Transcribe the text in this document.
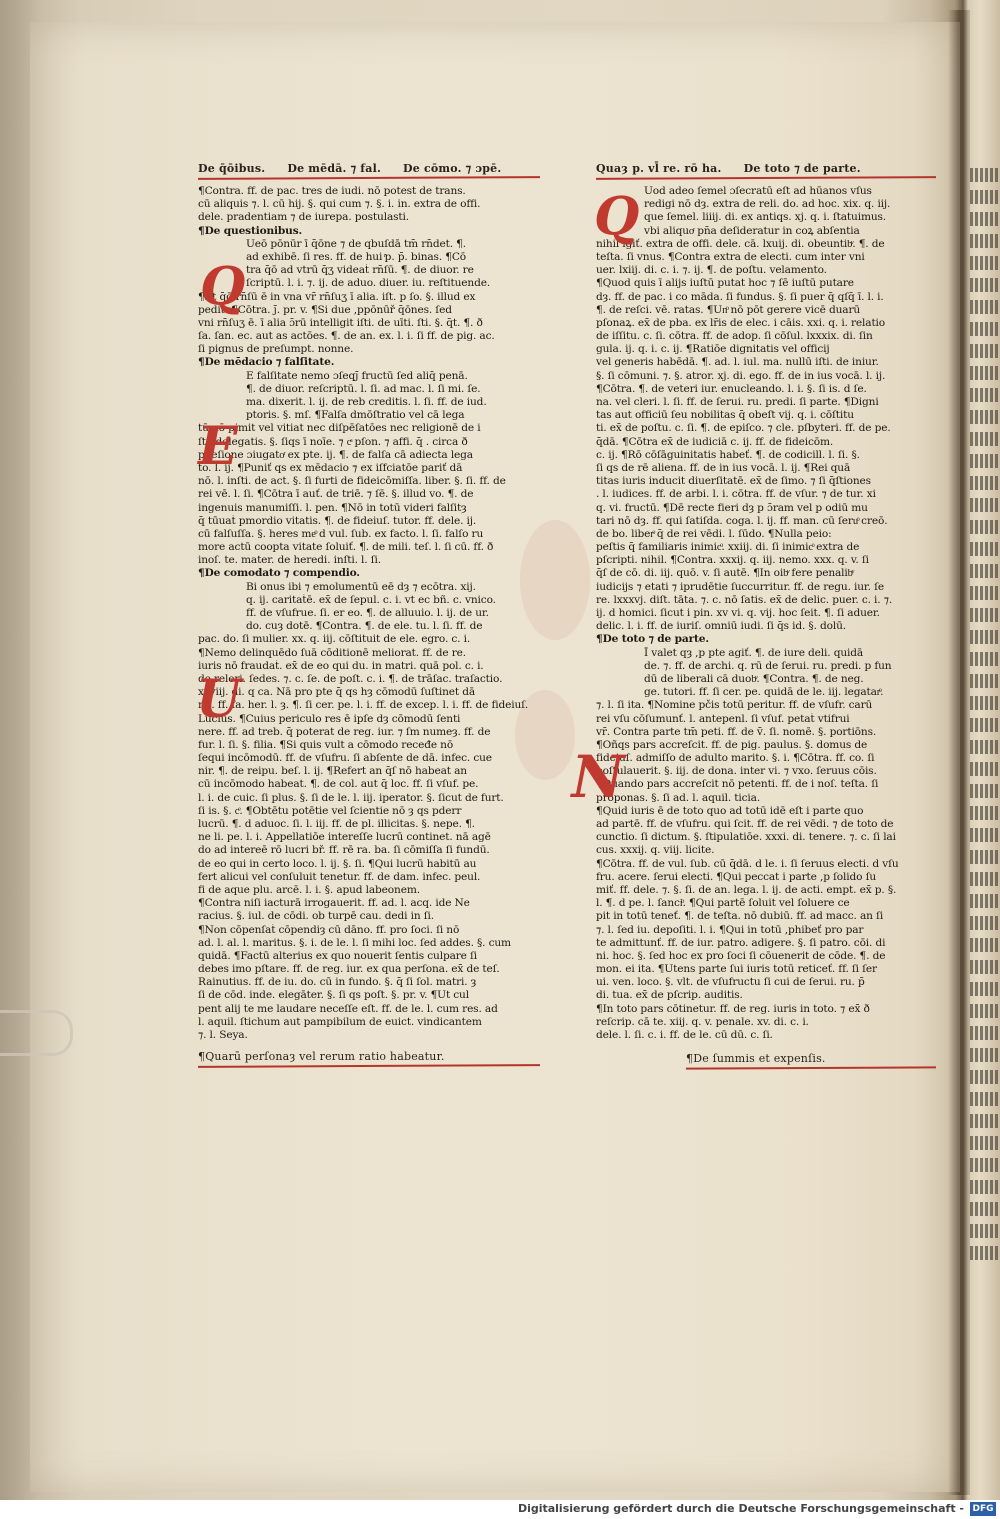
De q̄ōibus. De mēdā. ⁊ fal. De cōmo. ⁊ ɔpē.
¶Contra. ff. de pac. tres de iudi. nō potest de trans.
cū aliquis ⁊. l. cū hij. §. qui cum ⁊. §. i. i̇n. extra de offi.
dele. pradentiam ⁊ de iurepa. postulasti.
¶De questionibus.
Ueō pōnūr ī q̄ōne ⁊ de qbuſdā tm̄ rn̄det. ¶.
ad exhibē. ſi res. ff. de hui ͬp. p̄. binas. ¶Cō
tra q̄ō ad vtrū q̄ʒ videaṫ rn̄ſū. ¶. de diuor. re
ſcriptū. l. i. ⁊. ij. de aduo. diuer. iu. reſtituende.
¶Et q̄ō rn̄ſū ē in vna vr̄ rn̄ſuʒ ī alia. iſt. p ſo. §. illud ex
pedit. ¶Cōtra. ȷ̄. pr. v. ¶Si due ,ppōnūř q̄ōnes. ſed
vni rn̄ſuʒ ē. ī alia ɔ̄rū intelligit iſti. de uīti. ſti. §. q̄t. ¶. ð
ſa. ſan. ec. aut as actōes. ¶. de an. ex. l. i. ſi ff. de pig. ac.
ſi pignus de preſumpt. nonne.
¶De mēdacio ⁊ falſitate.
E falſitate nemo ɔſeqȷ̄ fructū ſed aliq̄ penā.
¶. de diuor. reſcriptū. l. ſi. ad mac. l. ſi mi. ſe.
ma. dixerit. l. ij. de reb̄ creditis. l. ſi. ff. de iud.
ptoris. §. mſ. ¶Falſa d̄mōſtratio vel cā lega
tū nō pimit vel vitiat nec diſpēſatōes nec religionē de i
ſti. delegatis. §. ſiqs ī noīe. ⁊ cͣ pſon. ⁊ affi. q̄ . circa ð
pueſione ɔiugatoͬ ex pte. ij. ¶. de falſa cā adiecta lega
to. l. ij. ¶Puniť qs ex mēdacio ⁊ ex iſfciatōe pariť dā
nō. l. inſti. de act. §. ſi furti de fideicōmiſſa. liber. §. ſi. ff. de
rei vē. l. ſi. ¶Cōtra ī auť. de triē. ⁊ ſē. §. illud vo. ¶. de
ingenuis manumiſſi. l. pen. ¶Nō in totū videri falſitȝ
q̄ tūuaṫ pmordio vitatis. ¶. de fideiuſ. tutor. ff. dele. ij.
cū falſuſſa. §. heres meͦ d̄ vul. ſub. ex facto. l. ſi. falſo ru
more actū coopta vitate ſoluiť. ¶. de mili. teſ. l. ſi cū. ff. ð
inoſ. te. mater. de heredi. inſti. l. ſi.
¶De comodato ⁊ compendio.
Bi onus ibi ⁊ emolumentū eē dȝ ⁊ ecōtra. xij.
q. ij. caritaṫē. ex̄ de ſepul. c. i. vt ec bñ. c. vnico.
ff. de vſufrue. ſi. er eo. ¶. de alluuio. l. ij. de ur.
do. cuȝ dotē. ¶Contra. ¶. de ele. tu. l. ſi. ff. de
pac. do. ſi mulier. xx. q. iij. cōſtituit de ele. egro. c. i.
¶Nemo delinquēdo ſuā cōditionē meliorat. ff. de re.
iuris nō fraudaṫ. ex̄ de eo qui du. in matri. quā pol. c. i.
de releri. ſedes. ⁊. c. ſe. de poſt. c. i. ¶. de trāſac. traſactio.
xxviij. di. q ca. Nā pro pte q̄ qs hȝ cōmodū ſuſtinet dā
nū. ff. fa. her. l. ȝ. ¶. ſi cer. pe. l. i. ff. de excep. l. i. ff. de fideiuſ.
Lucius. ¶Cuius periculo res ē ipſe dȝ cōmodū ſenti
nere. ff. ad treb. q̄ poterat de reg. iur. ⁊ ſm numeȝ. ff. de
fur. l. ſi. §. filia. ¶Si quis vult a cōmodo receđe nō
ſequi incōmodū. ff. de vſufru. ſi abſente de dā. infec. cue
nir. ¶. de reipu. beſ. l. ij. ¶Refert an q̄ſ nō habeat an
cū incōmodo habeat. ¶. de col. aut q̄ loc. ff. ſi vſuf. pe.
l. i. de cuic. ſi plus. §. ſi de le. l. iij. iperator. §. ſicut de furt.
ſi is. §. cͤ. ¶Obtētu potētie vel ſcientie nō ȝ qs pderr
lucrū. ¶. d̄ aduoc. ſi. l. iij. ff. de pl. illicitas. §. nepe. ¶.
ne li. pe. l. i. Appellatiōe intereſſe lucrū continet. nā agē
do ad intereē rō lucri bř. ff. rē ra. ba. ſi cōmiſſa ſi fundū.
de eo qui in certo loco. l. ij. §. ſi. ¶Qui lucrū habitū au
fert alicui vel conſuluit tenetur. ff. de dam. infec. peul.
fi de aque plu. arcē. l. i. §. apud labeonem.
¶Contra niſi iacturā irrogauerit. ff. ad. l. acq. ide Ne
racius. §. iul. de cōdi. ob turpē cau. dedi in ſi.
¶Non cōpenſaṫ cōpendiȝ cū dāno. ff. pro ſoci. ſi nō
ad. l. al. l. maritus. §. i. de le. l. ſi mihi loc. ſed addes. §. cum
quidā. ¶Factū alterius ex quo nouerit ſentis culpare ſi
debes imo pſtare. ff. de reg. iur. ex qua perſona. ex̄ de teſ.
Rainutius. ff. de iu. do. cū in fundo. §. q̄ ſi ſol. matri. ȝ
ſi de cōd. inde. elegāter. §. ſi qs poſt. §. pr. v. ¶Ut cul
pent alij te me laudare neceſſe eſt. ff. de le. l. cum res. ad
l. aquil. ſtichum aut pampibilum de euict. vindicantem
⁊. l. Seya.
¶Quarū perſonaȝ vel rerum ratio habeatur.
Quaȝ p. vl̄ re. rō ha. De toto ⁊ de parte.
Uod adeo ſemel ɔſecratū eſt ad hūanos vſus
redigi nō dȝ. extra de reli. do. ad hoc. xix. q. iij.
que ſemel. liiij. di. ex antiqs. xj. q. i. ſtatuimus.
vbi aliquoͬ pn̄a deſideratur in coꝝ abſentia
nihil igiť. extra de offi. dele. cā. lxuij. di. obeuntibͮ. ¶. de
teſta. ſi vnus. ¶Contra extra de electi. cum inter vni
uer. lxiij. di. c. i. ⁊. ij. ¶. de poſtu. velamento.
¶Quod quis ī alijs iuſtū putat hoc ⁊ ſē iuſtū putare
dȝ. ff. de pac. i co māda. ſi fundus. §. ſi puer q̄ qſq̄ ī. l. i.
¶. de reſci. vē. ratas. ¶Unͦ nō pōt gerere vicē duarū
pſonaꝝ. ex̄ de pba. ex lr̄is de elec. i cāis. xxi. q. i. relatio
de iſſitu. c. ſi. cōtra. ff. de adop. ſi cōſul. lxxxix. di. ſin
gula. ij. q. i. c. ij. ¶Ratiōe dignitatis vel officij
vel generis habēdā. ¶. ad. l. iul. ma. nullū iſti. de iniur.
§. ſi cōmuni. ⁊. §. atror. xj. di. ego. ff. de in ius vocā. l. ij.
¶Cōtra. ¶. de veteri iur. enucleando. l. i. §. ſi is. d̄ ſe.
na. vel cleri. l. ſi. ff. de ſerui. ru. predi. ſi parte. ¶Digni
tas aut officiū ſeu nobilitas q̄ obeſt vij. q. i. cōſtitu
ti. ex̄ de poſtu. c. ſi. ¶. de epiſco. ⁊ cle. pſbyteri. ff. de pe.
q̄dā. ¶Cōtra ex̄ de iudiciā c. ij. ff. de fideicōm.
c. ij. ¶Rō cōſāguinitatis habeť. ¶. de codicill. l. ſi. §.
ſi qs de rē aliena. ff. de in ius vocā. l. ij. ¶Rei quā
titas iuris inducit diuerſitatē. ex̄ de ſimo. ⁊ ſi q̄ſtiones
. l. iudices. ff. de arbi. l. i. cōtra. ff. de vſur. ⁊ de tur. xi
q. vi. fructū. ¶Dē recte fieri dȝ p ɔ̄ram vel p odiū mu
tari nō dȝ. ff. qui ſatiſda. coga. l. ij. ff. man. cū ſeruͦ creō.
de bo. liberͦ q̄ de rei vēdi. l. ſūdo. ¶Nulla peio:
peſtis q̄ familiaris inimicͦ. xxiij. di. ſi inimicͦ extra de
pſcripti. nihil. ¶Contra. xxxij. q. iij. nemo. xxx. q. v. ſi
q̄ſ de cō. di. iij. quō. v. ſi autē. ¶In oibͮ fere penalibͮ
iudicijs ⁊ etati ⁊ iprudētie ſuccurritur. ff. de regu. iur. ſe
re. lxxxvj. diſt. tāta. ⁊. c. nō ſatis. ex̄ de delic. puer. c. i. ⁊.
ij. d̄ homici. ſicut i pin. xv vi. q. vij. hoc ſeit. ¶. ſi aduer.
delic. l. i. ff. de iuriſ. omniū iudi. ſi q̄s id. §. dolū.
¶De toto ⁊ de parte.
Ī valet qȝ ,p pte agiť. ¶. de iure deli. quidā
de. ⁊. ff. de archi. q. rū de ſerui. ru. predi. p fun
dū de liberali cā duobͮ. ¶Contra. ¶. de neg.
ge. tutori. ff. ſi cer. pe. quidā de le. iij. legatarͦ.
⁊. l. ſi ita. ¶Nomine pčis totū peritur. ff. de vſufr. carū
rei vſu cōſumunť. l. antepenl. ſi vſuf. petaṫ vtifrui
vr̄. Contra parte tm̄ peti. ff. de v̄. ſi. nomē. §. portiōns.
¶Oñqs pars accreſcit. ff. de pig. paulus. §. domus de
fideiuſ. admiſſo de adulto marito. §. i. ¶Cōtra. ff. co. ſi
poſtulauerit. §. iij. de dona. inter vi. ⁊ vxo. ſeruus cōis.
¶Quando pars accreſcit nō petenti. ff. de i noſ. teſta. ſi
proponas. §. ſi ad. l. aquil. ticia.
¶Quid iuris ē de toto quo ad totū idē eſt i parte quo
ad partē. ff. de vſufru. qui ſcit. ff. de rei vēdi. ⁊ de toto de
cunctio. ſi dictum. §. ſtipulatiōe. xxxi. di. tenere. ⁊. c. ſi lai
cus. xxxij. q. viij. licite.
¶Cōtra. ff. de vul. ſub. cū q̄dā. d̄ le. i. ſi ſeruus electi. d̄ vſu
fru. acere. ſerui electi. ¶Qui peccat i parte ,p ſolido ſu
miť. ff. dele. ⁊. §. ſi. de an. lega. l. ij. de acti. empt. ex̄ p. §.
l. ¶. d̄ pe. l. ſanciͦ. ¶Qui partē ſoluit vel ſoluere ce
pit in totū teneť. ¶. de teſta. nō dubiū. ff. ad macc. an ſi
⁊. l. ſed iu. depoſiti. l. i. ¶Qui in totū ,phibeť pro par
te admittunť. ff. de iur. patro. adigere. §. ſi patro. cōi. di
ni. hoc. §. ſed hoc ex pro ſoci ſi cōuenerit de cōde. ¶. de
mon. ei ita. ¶Utens parte ſui iuris totū reticeť. ff. ſi ſer
ui. ven. loco. §. vlt. de vſufructu ſi cui de ſerui. ru. p̄
di. tua. ex̄ de pſcrip. auditis.
¶In toto pars cōtinetur. ff. de reg. iuris in toto. ⁊ ex̄ ð
reſcrip. cā te. xiij. q. v. penale. xv. di. c. i.
dele. l. ſi. c. i. ff. de le. cū dū. c. ſi.
¶De ſummis et expenſis.
Q
E
U
Q
N
Digitalisierung gefördert durch die Deutsche Forschungsgemeinschaft - DFG
